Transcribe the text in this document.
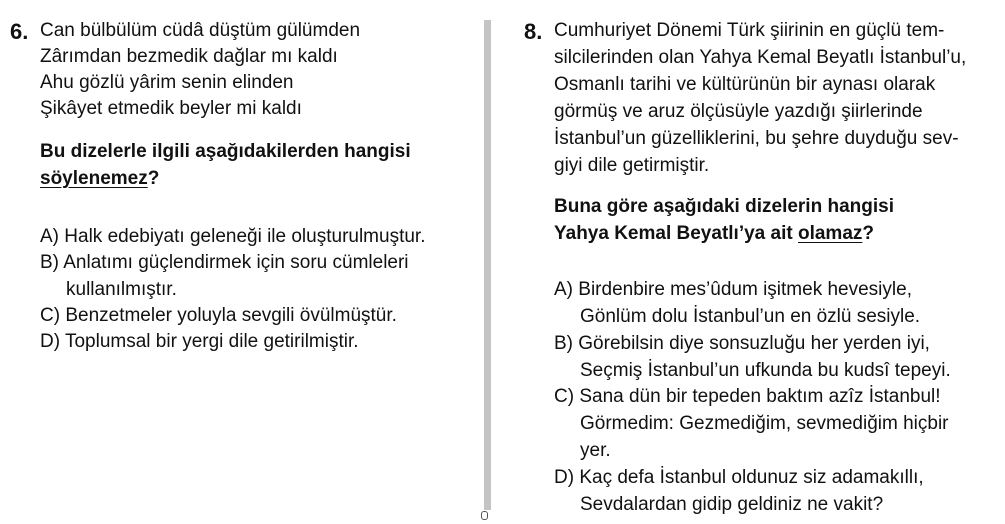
6. Can bülbülüm cüdâ düştüm gülümden
Zârımdan bezmedik dağlar mı kaldı
Ahu gözlü yârim senin elinden
Şikâyet etmedik beyler mi kaldı
Bu dizelerle ilgili aşağıdakilerden hangisi
söylenemez?
A) Halk edebiyatı geleneği ile oluşturulmuştur.
B) Anlatımı güçlendirmek için soru cümleleri
kullanılmıştır.
C) Benzetmeler yoluyla sevgili övülmüştür.
D) Toplumsal bir yergi dile getirilmiştir.
8. Cumhuriyet Dönemi Türk şiirinin en güçlü tem-
silcilerinden olan Yahya Kemal Beyatlı İstanbul’u,
Osmanlı tarihi ve kültürünün bir aynası olarak
görmüş ve aruz ölçüsüyle yazdığı şiirlerinde
İstanbul’un güzelliklerini, bu şehre duyduğu sev-
giyi dile getirmiştir.
Buna göre aşağıdaki dizelerin hangisi
Yahya Kemal Beyatlı’ya ait olamaz?
A) Birdenbire mes’ûdum işitmek hevesiyle,
Gönlüm dolu İstanbul’un en özlü sesiyle.
B) Görebilsin diye sonsuzluğu her yerden iyi,
Seçmiş İstanbul’un ufkunda bu kudsî tepeyi.
C) Sana dün bir tepeden baktım azîz İstanbul!
Görmedim: Gezmediğim, sevmediğim hiçbir
yer.
D) Kaç defa İstanbul oldunuz siz adamakıllı,
Sevdalardan gidip geldiniz ne vakit?
